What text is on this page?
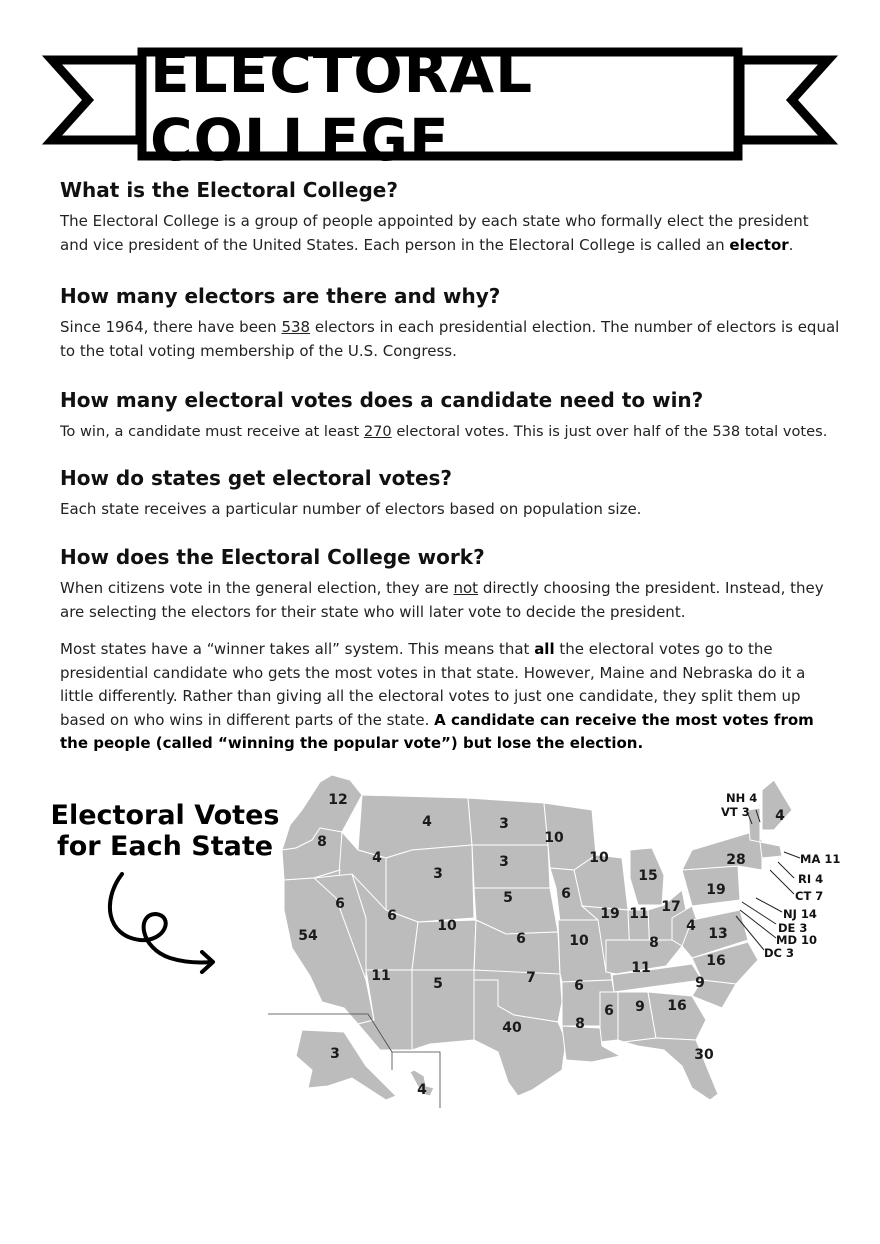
ELECTORAL COLLEGE
What is the Electoral College?

The Electoral College is a group of people appointed by each state who formally elect the president and vice president of the United States. Each person in the Electoral College is called an elector.

How many electors are there and why?

Since 1964, there have been 538 electors in each presidential election. The number of electors is equal to the total voting membership of the U.S. Congress.

How many electoral votes does a candidate need to win?

To win, a candidate must receive at least 270 electoral votes. This is just over half of the 538 total votes.

How do states get electoral votes?

Each state receives a particular number of electors based on population size.

How does the Electoral College work?

When citizens vote in the general election, they are not directly choosing the president. Instead, they are selecting the electors for their state who will later vote to decide the president.

Most states have a “winner takes all” system. This means that all the electoral votes go to the presidential candidate who gets the most votes in that state. However, Maine and Nebraska do it a little differently. Rather than giving all the electoral votes to just one candidate, they split them up based on who wins in different parts of the state. A candidate can receive the most votes from the people (called “winning the popular vote”) but lose the election.

Electoral Votes
for Each State
12
4	3
10
8
4	3	10
3
5	6
15
54
6
6
10
6	10
19 11 17
19
28
4
4 13
8
16
11
11	5	7	6	9
6 9 16
40	8
30
3
4
NH 4
VT 3
MA 11
RI 4
CT 7
NJ 14
DE 3
MD 10
DC 3
